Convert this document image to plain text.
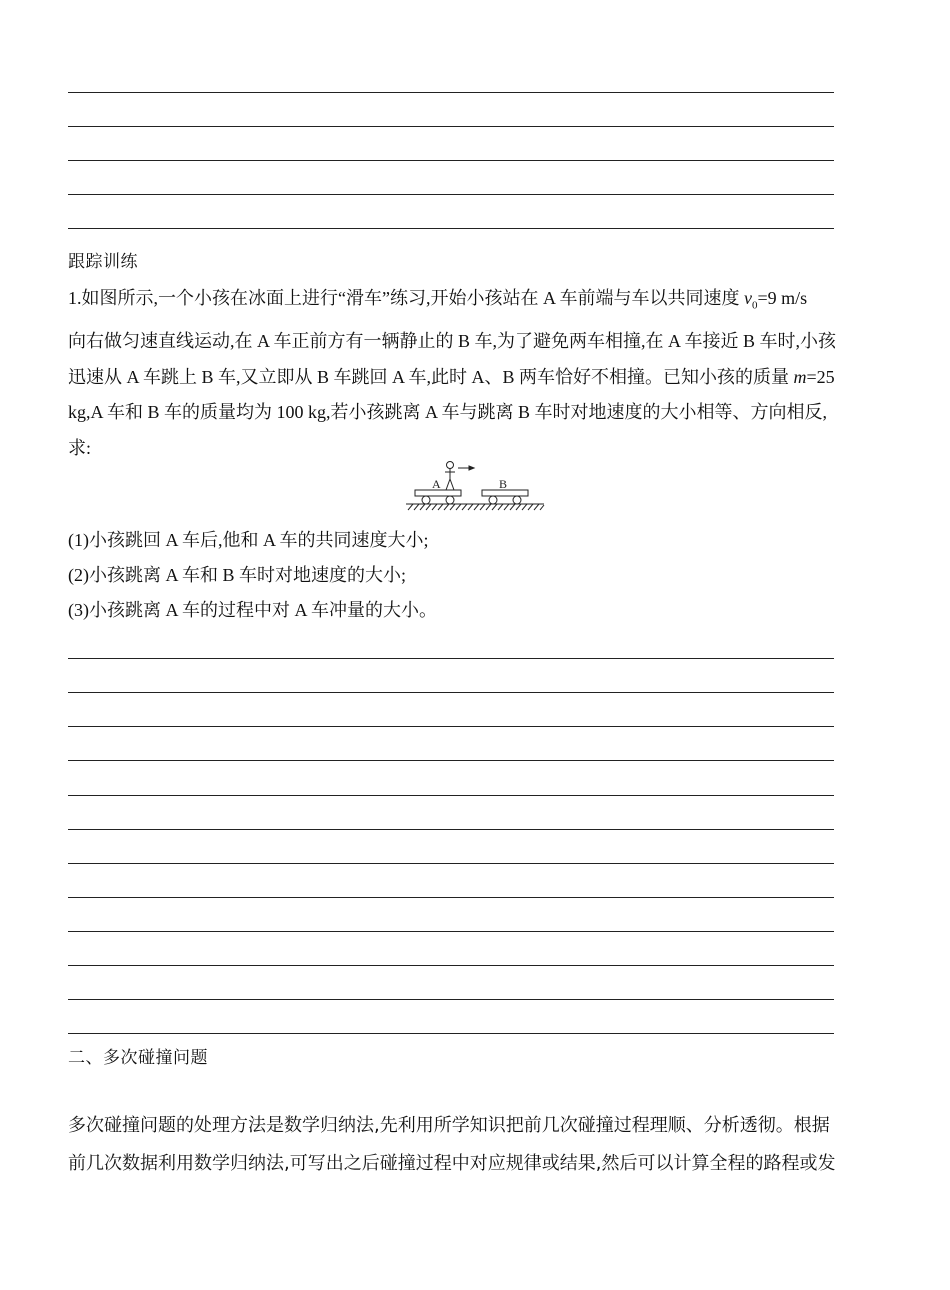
跟踪训练
1.如图所示,一个小孩在冰面上进行“滑车”练习,开始小孩站在 A 车前端与车以共同速度 $v_0=9$ m/s
向右做匀速直线运动,在 A 车正前方有一辆静止的 B 车,为了避免两车相撞,在 A 车接近 B 车时,小孩
迅速从 A 车跳上 B 车,又立即从 B 车跳回 A 车,此时 A、B 两车恰好不相撞。已知小孩的质量 m=25
kg,A 车和 B 车的质量均为 100 kg,若小孩跳离 A 车与跳离 B 车时对地速度的大小相等、方向相反,
求:
A	B
(1)小孩跳回 A 车后,他和 A 车的共同速度大小;
(2)小孩跳离 A 车和 B 车时对地速度的大小;
(3)小孩跳离 A 车的过程中对 A 车冲量的大小。
二、多次碰撞问题
多次碰撞问题的处理方法是数学归纳法,先利用所学知识把前几次碰撞过程理顺、分析透彻。根据
前几次数据利用数学归纳法,可写出之后碰撞过程中对应规律或结果,然后可以计算全程的路程或发
